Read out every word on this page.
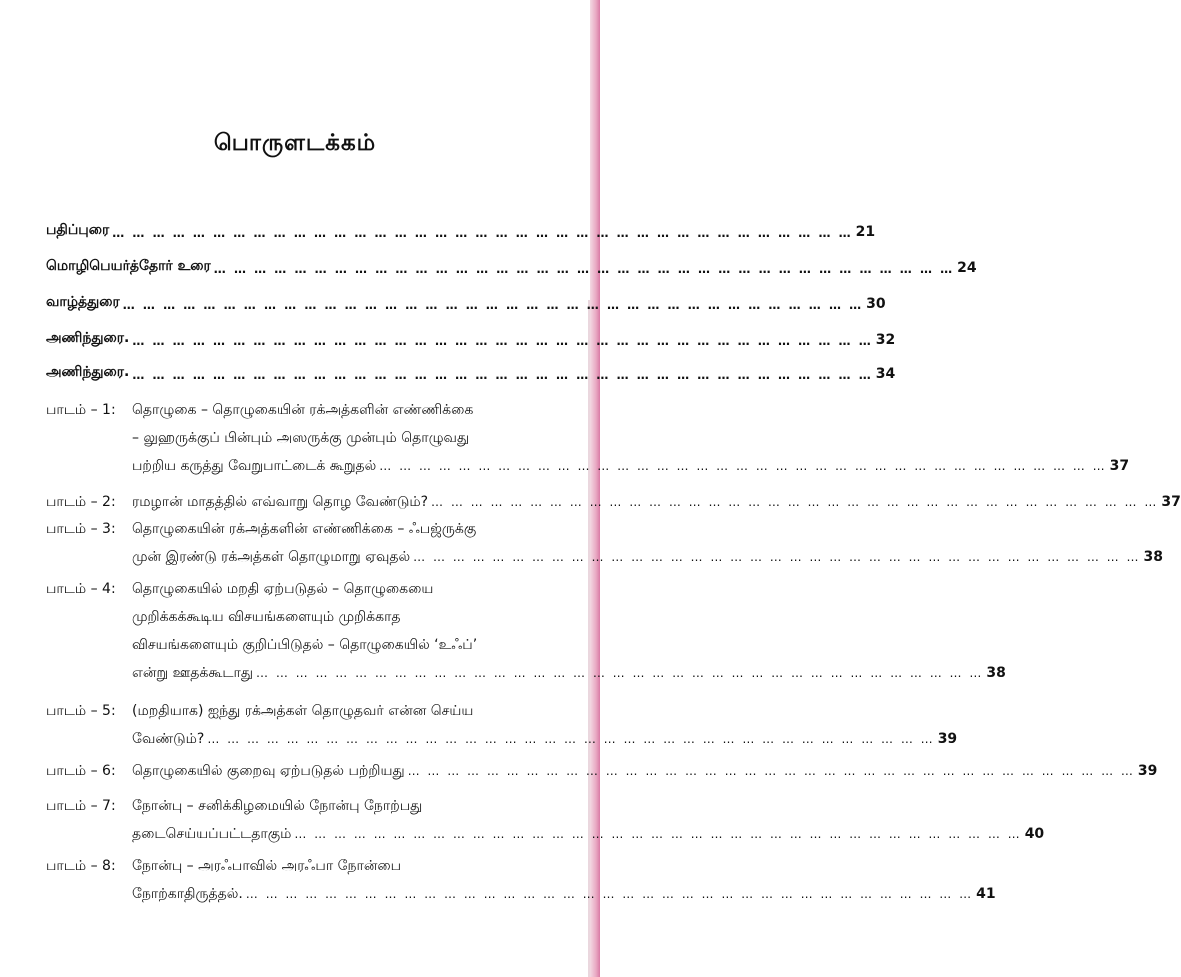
பொருளடக்கம்
பதிப்புரை … … … … … … … … … … … … … … … … … … … … … … … … … … … … … … … … … … … … … 21
மொழிபெயர்த்தோர் உரை … … … … … … … … … … … … … … … … … … … … … … … … … … … … … … … … … … … … … 24
வாழ்த்துரை … … … … … … … … … … … … … … … … … … … … … … … … … … … … … … … … … … … … … 30
அணிந்துரை. … … … … … … … … … … … … … … … … … … … … … … … … … … … … … … … … … … … … … 32
அணிந்துரை. … … … … … … … … … … … … … … … … … … … … … … … … … … … … … … … … … … … … … 34
பாடம் – 1: தொழுகை – தொழுகையின் ரக்அத்களின் எண்ணிக்கை
– லுஹருக்குப் பின்பும் அஸருக்கு முன்பும் தொழுவது
பற்றிய கருத்து வேறுபாட்டைக் கூறுதல் … … … … … … … … … … … … … … … … … … … … … … … … … … … … … … … … … … … … … 37
பாடம் – 2: ரமழான் மாதத்தில் எவ்வாறு தொழ வேண்டும்? … … … … … … … … … … … … … … … … … … … … … … … … … … … … … … … … … … … … … 37
பாடம் – 3: தொழுகையின் ரக்அத்களின் எண்ணிக்கை – ஃபஜ்ருக்கு
முன் இரண்டு ரக்அத்கள் தொழுமாறு ஏவுதல் … … … … … … … … … … … … … … … … … … … … … … … … … … … … … … … … … … … … … 38
பாடம் – 4: தொழுகையில் மறதி ஏற்படுதல் – தொழுகையை
முறிக்கக்கூடிய விசயங்களையும் முறிக்காத
விசயங்களையும் குறிப்பிடுதல் – தொழுகையில் ‘உஃப்’
என்று ஊதக்கூடாது … … … … … … … … … … … … … … … … … … … … … … … … … … … … … … … … … … … … … 38
பாடம் – 5: (மறதியாக) ஐந்து ரக்அத்கள் தொழுதவர் என்ன செய்ய
வேண்டும்? … … … … … … … … … … … … … … … … … … … … … … … … … … … … … … … … … … … … … 39
பாடம் – 6: தொழுகையில் குறைவு ஏற்படுதல் பற்றியது … … … … … … … … … … … … … … … … … … … … … … … … … … … … … … … … … … … … … 39
பாடம் – 7: நோன்பு – சனிக்கிழமையில் நோன்பு நோற்பது
தடைசெய்யப்பட்டதாகும் … … … … … … … … … … … … … … … … … … … … … … … … … … … … … … … … … … … … … 40
பாடம் – 8: நோன்பு – அரஃபாவில் அரஃபா நோன்பை
நோற்காதிருத்தல். … … … … … … … … … … … … … … … … … … … … … … … … … … … … … … … … … … … … … 41
